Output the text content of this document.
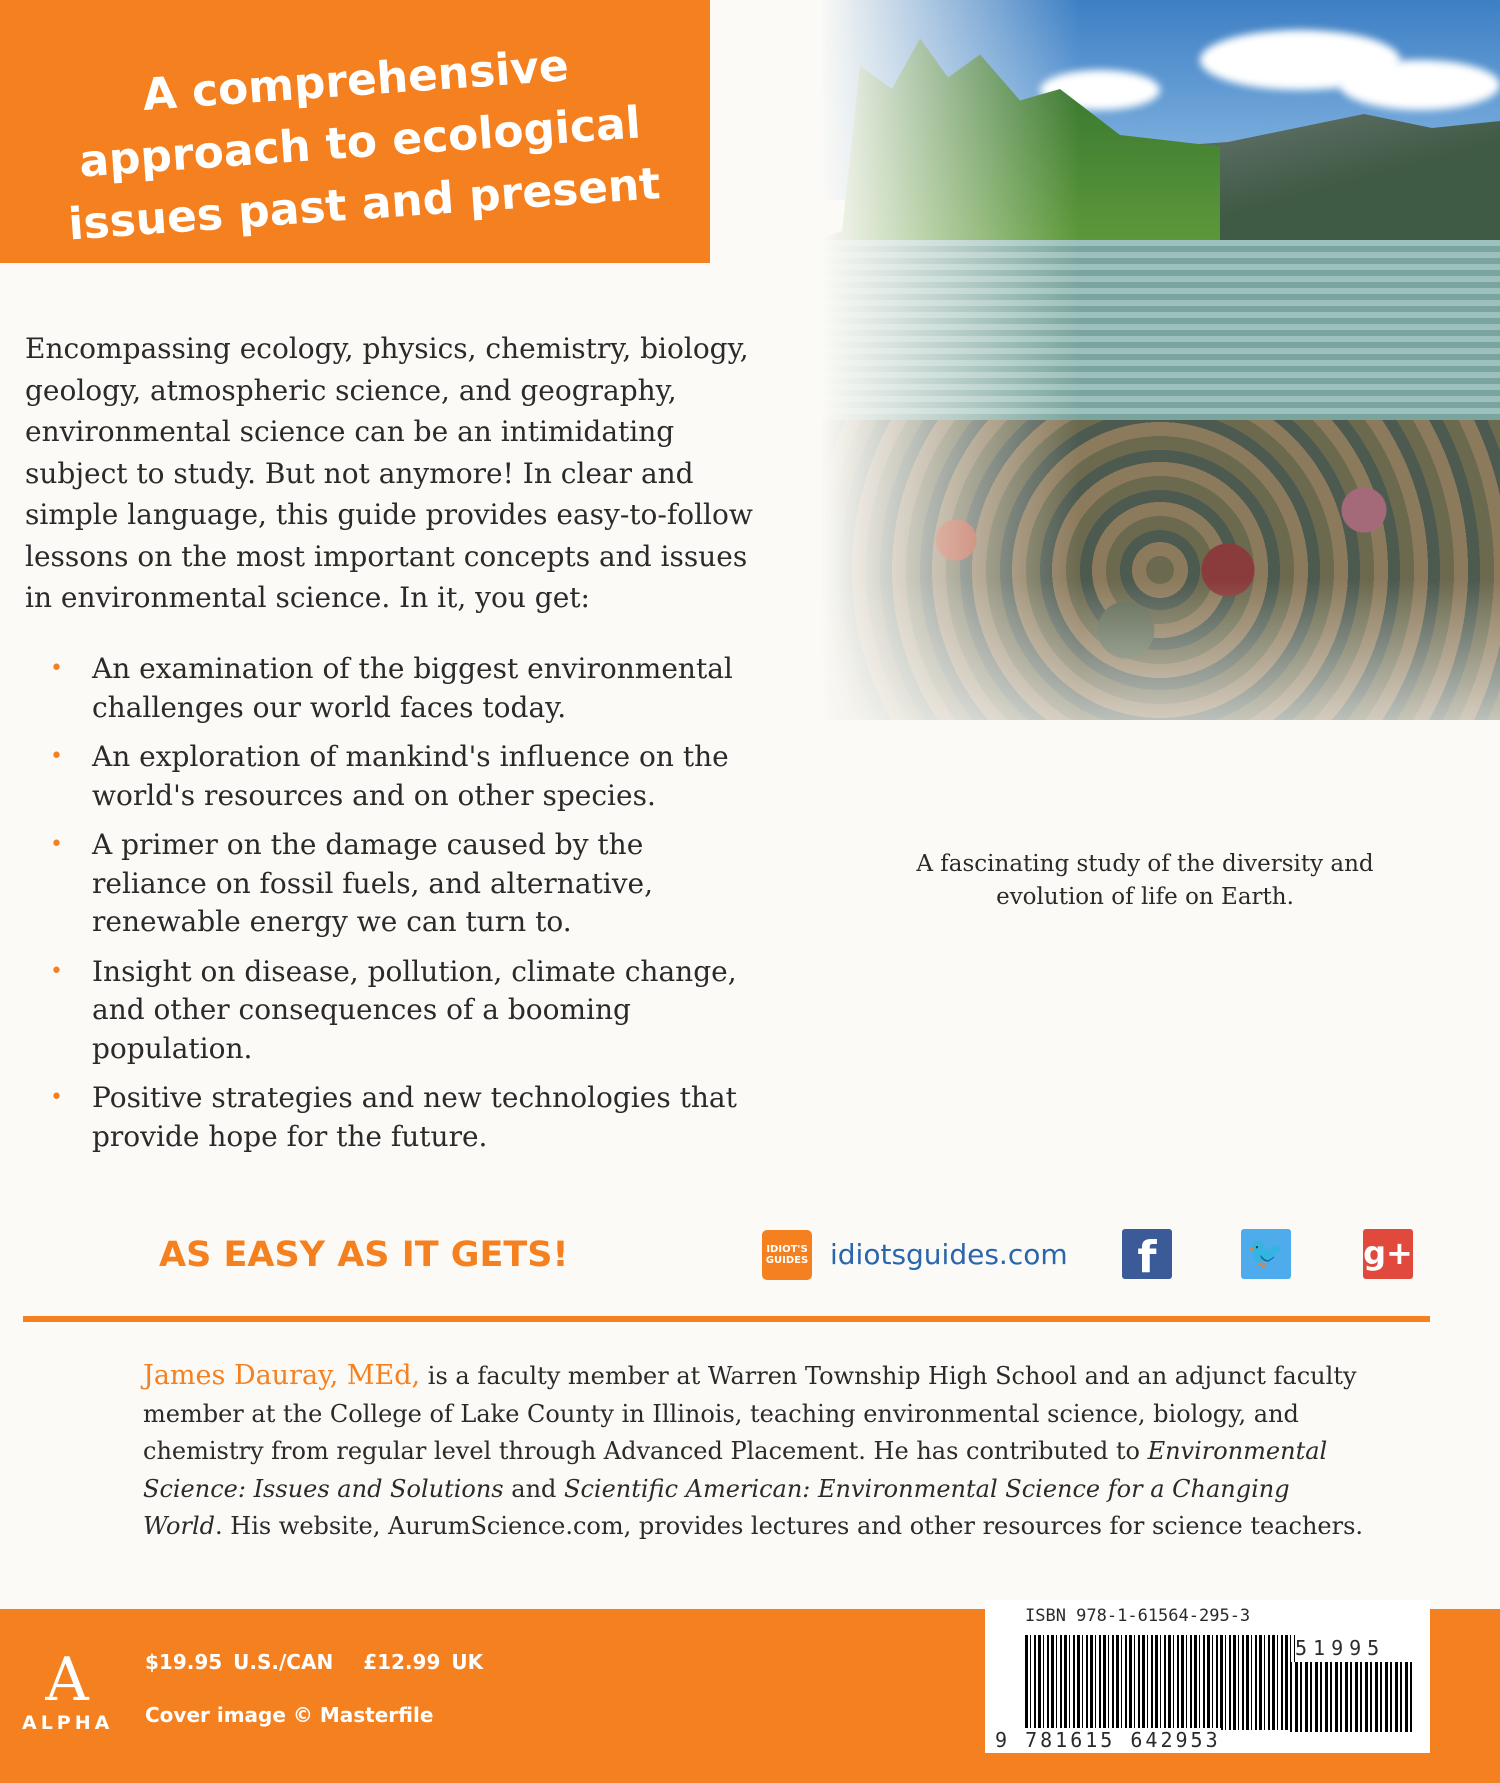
A comprehensive approach to ecological issues past and present
A fascinating study of the diversity and evolution of life on Earth.

Encompassing ecology, physics, chemistry, biology, geology, atmospheric science, and geography, environmental science can be an intimidating subject to study. But not anymore! In clear and simple language, this guide provides easy-to-follow lessons on the most important concepts and issues in environmental science. In it, you get:

• An examination of the biggest environmental challenges our world faces today.
• An exploration of mankind's influence on the world's resources and on other species.
• A primer on the damage caused by the reliance on fossil fuels, and alternative, renewable energy we can turn to.
• Insight on disease, pollution, climate change, and other consequences of a booming population.
• Positive strategies and new technologies that provide hope for the future.
AS EASY AS IT GETS!	IDIOT'S GUIDES idiotsguides.com	f	🐦 g+

James Dauray, MEd, is a faculty member at Warren Township High School and an adjunct faculty member at the College of Lake County in Illinois, teaching environmental science, biology, and chemistry from regular level through Advanced Placement. He has contributed to Environmental Science: Issues and Solutions and Scientific American: Environmental Science for a Changing World. His website, AurumScience.com, provides lectures and other resources for science teachers.

A
ALPHA
$19.95 U.S./CAN £12.99 UK
Cover image © Masterfile
ISBN 978-1-61564-295-3
51995
9 781615 642953
